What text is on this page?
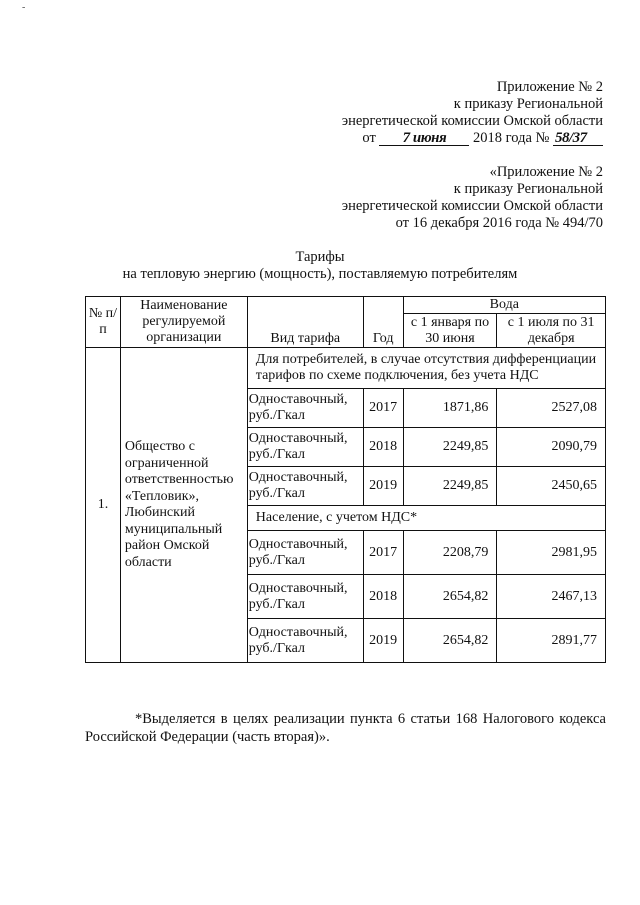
-
Приложение № 2
к приказу Региональной
энергетической комиссии Омской области
от 7 июня 2018 года № 58/37
«Приложение № 2
к приказу Региональной
энергетической комиссии Омской области
от 16 декабря 2016 года № 494/70
Тарифы
на тепловую энергию (мощность), поставляемую потребителям
№ п/п	Наименование регулируемой организации	Вид тарифа	Год	Вода	
				с 1 января по 30 июня	с 1 июля по 31 декабря
1.	Общество с ограниченной ответственностью «Тепловик», Любинский муниципальный район Омской области	Для потребителей, в случае отсутствия дифференциации тарифов по схеме подключения, без учета НДС			
		Одноставочный, руб./Гкал	2017	1871,86	2527,08
		Одноставочный, руб./Гкал	2018	2249,85	2090,79
		Одноставочный, руб./Гкал	2019	2249,85	2450,65
		Население, с учетом НДС*			
		Одноставочный, руб./Гкал	2017	2208,79	2981,95
		Одноставочный, руб./Гкал	2018	2654,82	2467,13
		Одноставочный, руб./Гкал	2019	2654,82	2891,77
*Выделяется в целях реализации пункта 6 статьи 168 Налогового кодекса Российской Федерации (часть вторая)».
